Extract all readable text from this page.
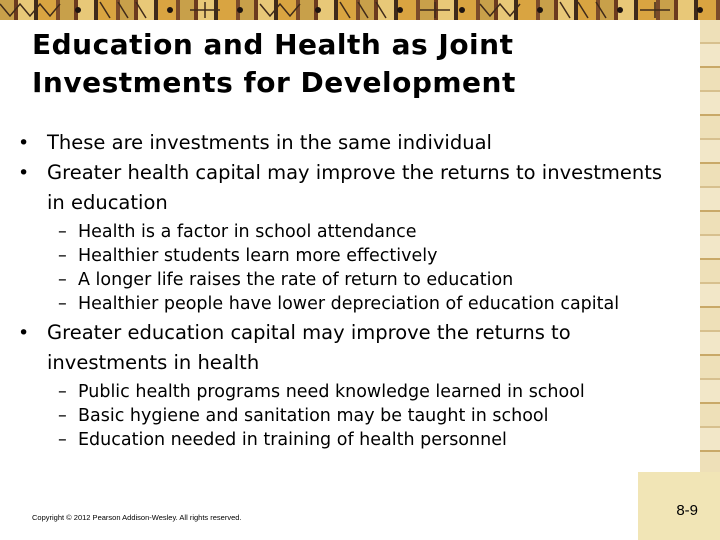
Education and Health as Joint
Investments for Development
• These are investments in the same individual
• Greater health capital may improve the returns to investments in education
– Health is a factor in school attendance
– Healthier students learn more effectively
– A longer life raises the rate of return to education
– Healthier people have lower depreciation of education capital
• Greater education capital may improve the returns to investments in health
– Public health programs need knowledge learned in school
– Basic hygiene and sanitation may be taught in school
– Education needed in training of health personnel
Copyright © 2012 Pearson Addison-Wesley. All rights reserved.	8-9
